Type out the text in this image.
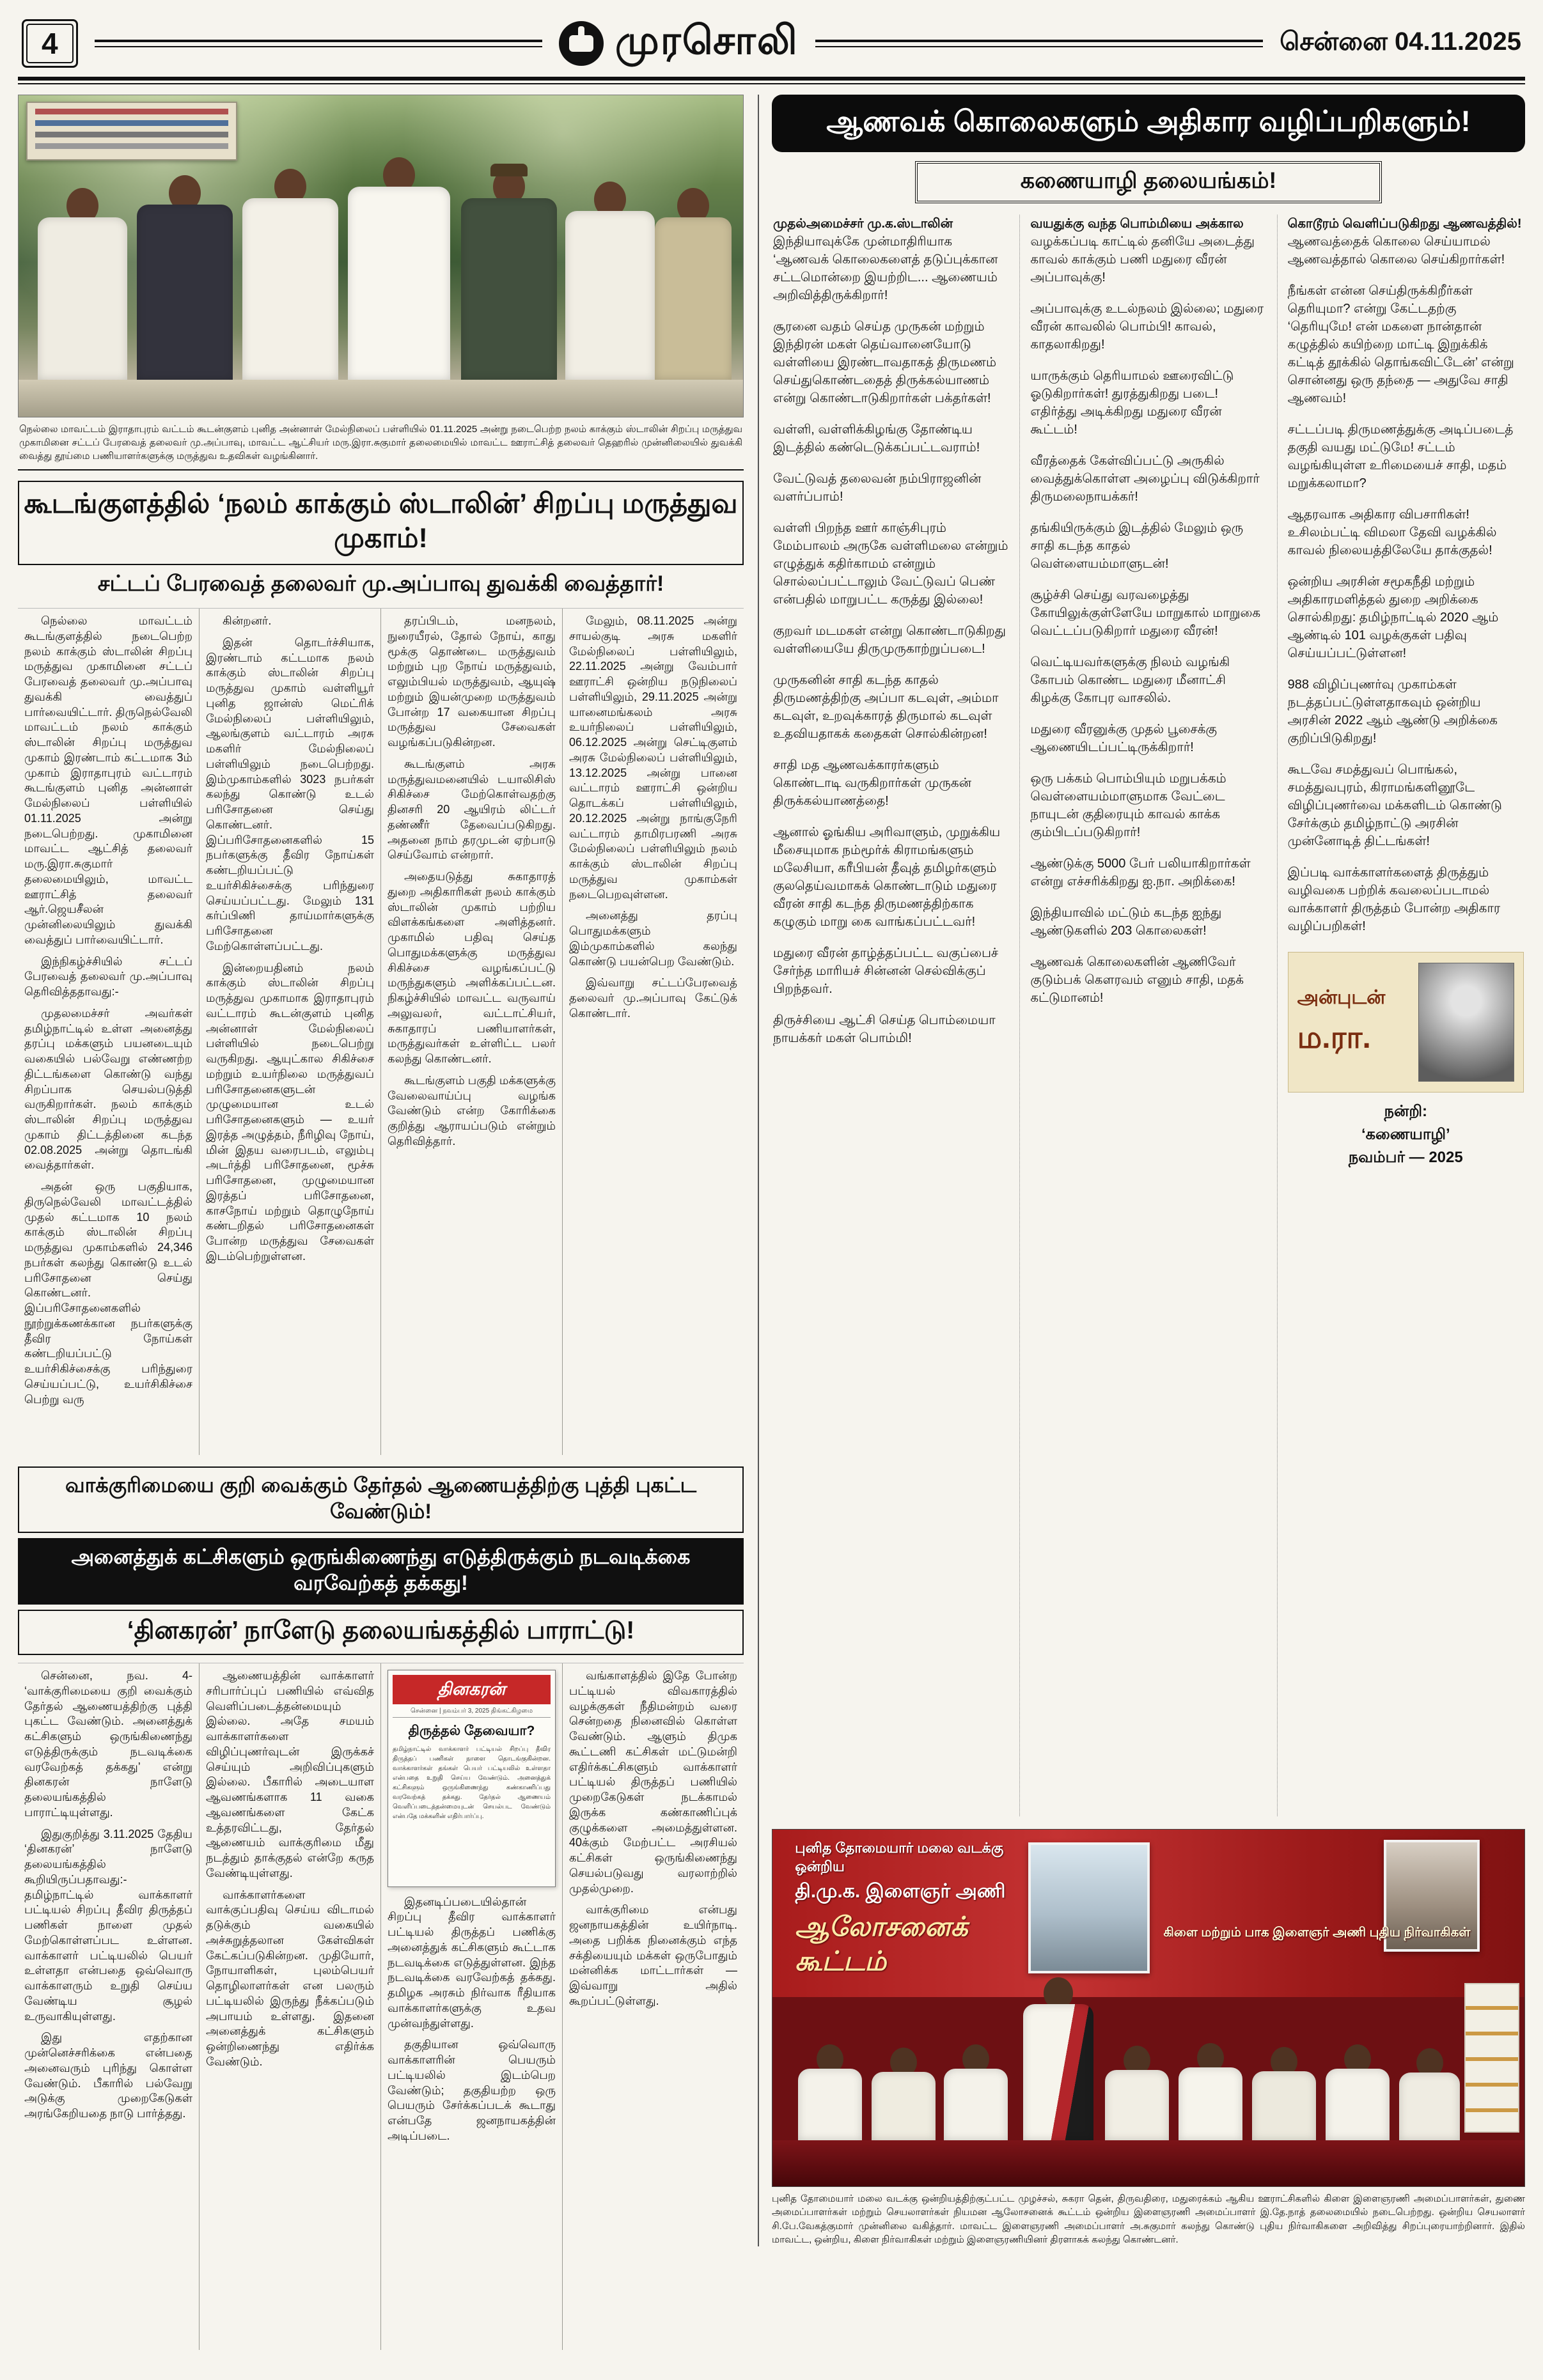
4	முரசொலி	சென்னை 04.11.2025
நெல்லை மாவட்டம் இராதாபுரம் வட்டம் கூடன்குளம் புனித அன்னாள் மேல்நிலைப் பள்ளியில் 01.11.2025 அன்று நடைபெற்ற நலம் காக்கும் ஸ்டாலின் சிறப்பு மருத்துவ முகாமினை சட்டப் பேரவைத் தலைவர் மு.அப்பாவு, மாவட்ட ஆட்சியர் மரு.இரா.சுகுமார் தலைமையில் மாவட்ட ஊராட்சித் தலைவர் தெஹரில் முன்னிலையில் துவக்கி வைத்து தூய்மை பணியாளர்களுக்கு மருத்துவ உதவிகள் வழங்கினார்.
கூடங்குளத்தில் ‘நலம் காக்கும் ஸ்டாலின்’ சிறப்பு மருத்துவ முகாம்!
சட்டப் பேரவைத் தலைவர் மு.அப்பாவு துவக்கி வைத்தார்!

நெல்லை மாவட்டம் கூடங்குளத்தில் நடைபெற்ற நலம் காக்கும் ஸ்டாலின் சிறப்பு மருத்துவ முகாமினை சட்டப் பேரவைத் தலைவர் மு.அப்பாவு துவக்கி வைத்துப் பார்வையிட்டார். திருநெல்வேலி மாவட்டம் நலம் காக்கும் ஸ்டாலின் சிறப்பு மருத்துவ முகாம் இரண்டாம் கட்டமாக 3ம் முகாம் இராதாபுரம் வட்டாரம் கூடங்குளம் புனித அன்னாள் மேல்நிலைப் பள்ளியில் 01.11.2025 அன்று நடைபெற்றது. முகாமினை மாவட்ட ஆட்சித் தலைவர் மரு.இரா.சுகுமார் தலைமையிலும், மாவட்ட ஊராட்சித் தலைவர் ஆர்.ஜெயசீலன் முன்னிலையிலும் துவக்கி வைத்துப் பார்வையிட்டார்.

இந்நிகழ்ச்சியில் சட்டப் பேரவைத் தலைவர் மு.அப்பாவு தெரிவித்ததாவது:-

முதலமைச்சர் அவர்கள் தமிழ்நாட்டில் உள்ள அனைத்து தரப்பு மக்களும் பயனடையும் வகையில் பல்வேறு எண்ணற்ற திட்டங்களை கொண்டு வந்து சிறப்பாக செயல்படுத்தி வருகிறார்கள். நலம் காக்கும் ஸ்டாலின் சிறப்பு மருத்துவ முகாம் திட்டத்தினை கடந்த 02.08.2025 அன்று தொடங்கி வைத்தார்கள்.

அதன் ஒரு பகுதியாக, திருநெல்வேலி மாவட்டத்தில் முதல் கட்டமாக 10 நலம் காக்கும் ஸ்டாலின் சிறப்பு மருத்துவ முகாம்களில் 24,346 நபர்கள் கலந்து கொண்டு உடல் பரிசோதனை செய்து கொண்டனர். இப்பரிசோதனைகளில் நூற்றுக்கணக்கான நபர்களுக்கு தீவிர நோய்கள் கண்டறியப்பட்டு உயர்சிகிச்சைக்கு பரிந்துரை செய்யப்பட்டு, உயர்சிகிச்சை பெற்று வரு

கின்றனர்.

இதன் தொடர்ச்சியாக, இரண்டாம் கட்டமாக நலம் காக்கும் ஸ்டாலின் சிறப்பு மருத்துவ முகாம் வள்ளியூர் புனித ஜான்ஸ் மெட்ரிக் மேல்நிலைப் பள்ளியிலும், ஆலங்குளம் வட்டாரம் அரசு மகளிர் மேல்நிலைப் பள்ளியிலும் நடைபெற்றது. இம்முகாம்களில் 3023 நபர்கள் கலந்து கொண்டு உடல் பரிசோதனை செய்து கொண்டனர். இப்பரிசோதனைகளில் 15 நபர்களுக்கு தீவிர நோய்கள் கண்டறியப்பட்டு உயர்சிகிச்சைக்கு பரிந்துரை செய்யப்பட்டது. மேலும் 131 கர்ப்பிணி தாய்மார்களுக்கு பரிசோதனை மேற்கொள்ளப்பட்டது.

இன்றையதினம் நலம் காக்கும் ஸ்டாலின் சிறப்பு மருத்துவ முகாமாக இராதாபுரம் வட்டாரம் கூடன்குளம் புனித அன்னாள் மேல்நிலைப் பள்ளியில் நடைபெற்று வருகிறது. ஆயுட்கால சிகிச்சை மற்றும் உயர்நிலை மருத்துவப் பரிசோதனைகளுடன் முழுமையான உடல் பரிசோதனைகளும் — உயர் இரத்த அழுத்தம், நீரிழிவு நோய், மின் இதய வரைபடம், எலும்பு அடர்த்தி பரிசோதனை, மூச்சு பரிசோதனை, முழுமையான இரத்தப் பரிசோதனை, காசநோய் மற்றும் தொழுநோய் கண்டறிதல் பரிசோதனைகள் போன்ற மருத்துவ சேவைகள் இடம்பெற்றுள்ளன.

தரப்பிடம், மனநலம், நுரையீரல், தோல் நோய், காது மூக்கு தொண்டை மருத்துவம் மற்றும் புற நோய் மருத்துவம், எலும்பியல் மருத்துவம், ஆயுஷ் மற்றும் இயன்முறை மருத்துவம் போன்ற 17 வகையான சிறப்பு மருத்துவ சேவைகள் வழங்கப்படுகின்றன.

கூடங்குளம் அரசு மருத்துவமனையில் டயாலிசிஸ் சிகிச்சை மேற்கொள்வதற்கு தினசரி 20 ஆயிரம் லிட்டர் தண்ணீர் தேவைப்படுகிறது. அதனை நாம் தரமுடன் ஏற்பாடு செய்வோம் என்றார்.

அதையடுத்து சுகாதாரத் துறை அதிகாரிகள் நலம் காக்கும் ஸ்டாலின் முகாம் பற்றிய விளக்கங்களை அளித்தனர். முகாமில் பதிவு செய்த பொதுமக்களுக்கு மருத்துவ சிகிச்சை வழங்கப்பட்டு மருந்துகளும் அளிக்கப்பட்டன. நிகழ்ச்சியில் மாவட்ட வருவாய் அலுவலர், வட்டாட்சியர், சுகாதாரப் பணியாளர்கள், மருத்துவர்கள் உள்ளிட்ட பலர் கலந்து கொண்டனர்.

கூடங்குளம் பகுதி மக்களுக்கு வேலைவாய்ப்பு வழங்க வேண்டும் என்ற கோரிக்கை குறித்து ஆராயப்படும் என்றும் தெரிவித்தார்.

மேலும், 08.11.2025 அன்று சாயல்குடி அரசு மகளிர் மேல்நிலைப் பள்ளியிலும், 22.11.2025 அன்று வேம்பார் ஊராட்சி ஒன்றிய நடுநிலைப் பள்ளியிலும், 29.11.2025 அன்று யானைமங்கலம் அரசு உயர்நிலைப் பள்ளியிலும், 06.12.2025 அன்று செட்டிகுளம் அரசு மேல்நிலைப் பள்ளியிலும், 13.12.2025 அன்று பானை வட்டாரம் ஊராட்சி ஒன்றிய தொடக்கப் பள்ளியிலும், 20.12.2025 அன்று நாங்குநேரி வட்டாரம் தாமிரபரணி அரசு மேல்நிலைப் பள்ளியிலும் நலம் காக்கும் ஸ்டாலின் சிறப்பு மருத்துவ முகாம்கள் நடைபெறவுள்ளன.

அனைத்து தரப்பு பொதுமக்களும் இம்முகாம்களில் கலந்து கொண்டு பயன்பெற வேண்டும்.

இவ்வாறு சட்டப்பேரவைத் தலைவர் மு.அப்பாவு கேட்டுக் கொண்டார்.

வாக்குரிமையை குறி வைக்கும் தேர்தல் ஆணையத்திற்கு புத்தி புகட்ட வேண்டும்!
அனைத்துக் கட்சிகளும் ஒருங்கிணைந்து எடுத்திருக்கும் நடவடிக்கை வரவேற்கத் தக்கது!
‘தினகரன்’ நாளேடு தலையங்கத்தில் பாராட்டு!

சென்னை, நவ. 4- ‘வாக்குரிமையை குறி வைக்கும் தேர்தல் ஆணையத்திற்கு புத்தி புகட்ட வேண்டும். அனைத்துக் கட்சிகளும் ஒருங்கிணைந்து எடுத்திருக்கும் நடவடிக்கை வரவேற்கத் தக்கது’ என்று தினகரன் நாளேடு தலையங்கத்தில் பாராட்டியுள்ளது.

இதுகுறித்து 3.11.2025 தேதிய ‘தினகரன்’ நாளேடு தலையங்கத்தில் கூறியிருப்பதாவது:- தமிழ்நாட்டில் வாக்காளர் பட்டியல் சிறப்பு தீவிர திருத்தப் பணிகள் நாளை முதல் மேற்கொள்ளப்பட உள்ளன. வாக்காளர் பட்டியலில் பெயர் உள்ளதா என்பதை ஒவ்வொரு வாக்காளரும் உறுதி செய்ய வேண்டிய சூழல் உருவாகியுள்ளது.

இது எதற்கான முன்னெச்சரிக்கை என்பதை அனைவரும் புரிந்து கொள்ள வேண்டும். பீகாரில் பல்வேறு அடுக்கு முறைகேடுகள் அரங்கேறியதை நாடு பார்த்தது.

ஆணையத்தின் வாக்காளர் சரிபார்ப்புப் பணியில் எவ்வித வெளிப்படைத்தன்மையும் இல்லை. அதே சமயம் வாக்காளர்களை விழிப்புணர்வுடன் இருக்கச் செய்யும் அறிவிப்புகளும் இல்லை. பீகாரில் அடையாள ஆவணங்களாக 11 வகை ஆவணங்களை கேட்க உத்தரவிட்டது, தேர்தல் ஆணையம் வாக்குரிமை மீது நடத்தும் தாக்குதல் என்றே கருத வேண்டியுள்ளது.

வாக்காளர்களை வாக்குப்பதிவு செய்ய விடாமல் தடுக்கும் வகையில் அச்சுறுத்தலான கேள்விகள் கேட்கப்படுகின்றன. முதியோர், நோயாளிகள், புலம்பெயர் தொழிலாளர்கள் என பலரும் பட்டியலில் இருந்து நீக்கப்படும் அபாயம் உள்ளது. இதனை அனைத்துக் கட்சிகளும் ஒன்றிணைந்து எதிர்க்க வேண்டும்.

தினகரன்
சென்னை | நவம்பர் 3, 2025 திங்கட்கிழமை
திருத்தல் தேவையா?
தமிழ்நாட்டில் வாக்காளர் பட்டியல் சிறப்பு தீவிர திருத்தப் பணிகள் நாளை தொடங்குகின்றன. வாக்காளர்கள் தங்கள் பெயர் பட்டியலில் உள்ளதா என்பதை உறுதி செய்ய வேண்டும். அனைத்துக் கட்சிகளும் ஒருங்கிணைந்து கண்காணிப்பது வரவேற்கத் தக்கது. தேர்தல் ஆணையம் வெளிப்படைத்தன்மையுடன் செயல்பட வேண்டும் என்பதே மக்களின் எதிர்பார்ப்பு.

இதனடிப்படையில்தான் சிறப்பு தீவிர வாக்காளர் பட்டியல் திருத்தப் பணிக்கு அனைத்துக் கட்சிகளும் கூட்டாக நடவடிக்கை எடுத்துள்ளன. இந்த நடவடிக்கை வரவேற்கத் தக்கது. தமிழக அரசும் நிர்வாக ரீதியாக வாக்காளர்களுக்கு உதவ முன்வந்துள்ளது.

தகுதியான ஒவ்வொரு வாக்காளரின் பெயரும் பட்டியலில் இடம்பெற வேண்டும்; தகுதியற்ற ஒரு பெயரும் சேர்க்கப்படக் கூடாது என்பதே ஜனநாயகத்தின் அடிப்படை.

வங்காளத்தில் இதே போன்ற பட்டியல் விவகாரத்தில் வழக்குகள் நீதிமன்றம் வரை சென்றதை நினைவில் கொள்ள வேண்டும். ஆளும் திமுக கூட்டணி கட்சிகள் மட்டுமன்றி எதிர்க்கட்சிகளும் வாக்காளர் பட்டியல் திருத்தப் பணியில் முறைகேடுகள் நடக்காமல் இருக்க கண்காணிப்புக் குழுக்களை அமைத்துள்ளன. 40க்கும் மேற்பட்ட அரசியல் கட்சிகள் ஒருங்கிணைந்து செயல்படுவது வரலாற்றில் முதல்முறை.

வாக்குரிமை என்பது ஜனநாயகத்தின் உயிர்நாடி. அதை பறிக்க நினைக்கும் எந்த சக்தியையும் மக்கள் ஒருபோதும் மன்னிக்க மாட்டார்கள் — இவ்வாறு அதில் கூறப்பட்டுள்ளது.

ஆணவக் கொலைகளும் அதிகார வழிப்பறிகளும்!
கணையாழி தலையங்கம்!

முதல்அமைச்சர் மு.க.ஸ்டாலின் இந்தியாவுக்கே முன்மாதிரியாக ‘ஆணவக் கொலைகளைத் தடுப்புக்கான சட்டமொன்றை இயற்றிட... ஆணையம் அறிவித்திருக்கிறார்!

சூரனை வதம் செய்த முருகன் மற்றும் இந்திரன் மகள் தெய்வானையோடு வள்ளியை இரண்டாவதாகத் திருமணம் செய்துகொண்டதைத் திருக்கல்யாணம் என்று கொண்டாடுகிறார்கள் பக்தர்கள்!

வள்ளி, வள்ளிக்கிழங்கு தோண்டிய இடத்தில் கண்டெடுக்கப்பட்டவராம்!

வேட்டுவத் தலைவன் நம்பிராஜனின் வளர்ப்பாம்!

வள்ளி பிறந்த ஊர் காஞ்சிபுரம் மேம்பாலம் அருகே வள்ளிமலை என்றும் எழுத்துக் கதிர்காமம் என்றும் சொல்லப்பட்டாலும் வேட்டுவப் பெண் என்பதில் மாறுபட்ட கருத்து இல்லை!

குறவர் மடமகள் என்று கொண்டாடுகிறது வள்ளியையே திருமுருகாற்றுப்படை!

முருகனின் சாதி கடந்த காதல் திருமணத்திற்கு அப்பா கடவுள், அம்மா கடவுள், உறவுக்காரத் திருமால் கடவுள் உதவியதாகக் கதைகள் சொல்கின்றன!

சாதி மத ஆணவக்காரர்களும் கொண்டாடி வருகிறார்கள் முருகன் திருக்கல்யாணத்தை!

ஆனால் ஓங்கிய அரிவாளும், முறுக்கிய மீசையுமாக நம்மூர்க் கிராமங்களும் மலேசியா, கரீபியன் தீவுத் தமிழர்களும் குலதெய்வமாகக் கொண்டாடும் மதுரை வீரன் சாதி கடந்த திருமணத்திற்காக கழுகும் மாறு கை வாங்கப்பட்டவர்!

மதுரை வீரன் தாழ்த்தப்பட்ட வகுப்பைச் சேர்ந்த மாரியச் சின்னன் செல்விக்குப் பிறந்தவர்.

திருச்சியை ஆட்சி செய்த பொம்மையா நாயக்கர் மகள் பொம்மி!

வயதுக்கு வந்த பொம்மியை அக்கால வழக்கப்படி காட்டில் தனியே அடைத்து காவல் காக்கும் பணி மதுரை வீரன் அப்பாவுக்கு!

அப்பாவுக்கு உடல்நலம் இல்லை; மதுரை வீரன் காவலில் பொம்பி! காவல், காதலாகிறது!

யாருக்கும் தெரியாமல் ஊரைவிட்டு ஓடுகிறார்கள்! துரத்துகிறது படை! எதிர்த்து அடிக்கிறது மதுரை வீரன் கூட்டம்!

வீரத்தைக் கேள்விப்பட்டு அருகில் வைத்துக்கொள்ள அழைப்பு விடுக்கிறார் திருமலைநாயக்கர்!

தங்கியிருக்கும் இடத்தில் மேலும் ஒரு சாதி கடந்த காதல் வெள்ளையம்மாளுடன்!

சூழ்ச்சி செய்து வரவழைத்து கோயிலுக்குள்ளேயே மாறுகால் மாறுகை வெட்டப்படுகிறார் மதுரை வீரன்!

வெட்டியவர்களுக்கு நிலம் வழங்கி கோபம் கொண்ட மதுரை மீனாட்சி கிழக்கு கோபுர வாசலில்.

மதுரை வீரனுக்கு முதல் பூசைக்கு ஆணையிடப்பட்டிருக்கிறார்!

ஒரு பக்கம் பொம்பியும் மறுபக்கம் வெள்ளையம்மாளுமாக வேட்டை நாயுடன் குதிரையும் காவல் காக்க கும்பிடப்படுகிறார்!

ஆண்டுக்கு 5000 பேர் பலியாகிறார்கள் என்று எச்சரிக்கிறது ஐ.நா. அறிக்கை!

இந்தியாவில் மட்டும் கடந்த ஐந்து ஆண்டுகளில் 203 கொலைகள்!

ஆணவக் கொலைகளின் ஆணிவேர் குடும்பக் கௌரவம் எனும் சாதி, மதக் கட்டுமானம்!

கொடூரம் வெளிப்படுகிறது ஆணவத்தில்! ஆணவத்தைக் கொலை செய்யாமல் ஆணவத்தால் கொலை செய்கிறார்கள்!

நீங்கள் என்ன செய்திருக்கிறீர்கள் தெரியுமா? என்று கேட்டதற்கு ‘தெரியுமே! என் மகளை நான்தான் கழுத்தில் கயிற்றை மாட்டி இறுக்கிக் கட்டித் தூக்கில் தொங்கவிட்டேன்’ என்று சொன்னது ஒரு தந்தை — அதுவே சாதி ஆணவம்!

சட்டப்படி திருமணத்துக்கு அடிப்படைத் தகுதி வயது மட்டுமே! சட்டம் வழங்கியுள்ள உரிமையைச் சாதி, மதம் மறுக்கலாமா?

ஆதரவாக அதிகார விபசாரிகள்! உசிலம்பட்டி விமலா தேவி வழக்கில் காவல் நிலையத்திலேயே தாக்குதல்!

ஒன்றிய அரசின் சமூகநீதி மற்றும் அதிகாரமளித்தல் துறை அறிக்கை சொல்கிறது: தமிழ்நாட்டில் 2020 ஆம் ஆண்டில் 101 வழக்குகள் பதிவு செய்யப்பட்டுள்ளன!

988 விழிப்புணர்வு முகாம்கள் நடத்தப்பட்டுள்ளதாகவும் ஒன்றிய அரசின் 2022 ஆம் ஆண்டு அறிக்கை குறிப்பிடுகிறது!

கூடவே சமத்துவப் பொங்கல், சமத்துவபுரம், கிராமங்களினூடே விழிப்புணர்வை மக்களிடம் கொண்டு சேர்க்கும் தமிழ்நாட்டு அரசின் முன்னோடித் திட்டங்கள்!

இப்படி வாக்காளர்களைத் திருத்தும் வழிவகை பற்றிக் கவலைப்படாமல் வாக்காளர் திருத்தம் போன்ற அதிகார வழிப்பறிகள்!

அன்புடன்
ம.ரா.
நன்றி:
‘கணையாழி’
நவம்பர் — 2025
புனித தோமையார் மலை வடக்கு ஒன்றிய
தி.மு.க. இளைஞர் அணி
ஆலோசனைக் கூட்டம்
கிளை மற்றும் பாக இளைஞர் அணி புதிய நிர்வாகிகள்
புனித தோமையார் மலை வடக்கு ஒன்றியத்திற்குட்பட்ட முழச்சல், சுகரா தென், திருவதிரை, மதுரைக்கம் ஆகிய ஊராட்சிகளில் கிளை இளைஞரணி அமைப்பாளர்கள், துணை அமைப்பாளர்கள் மற்றும் செயலாளர்கள் நியமன ஆலோசனைக் கூட்டம் ஒன்றிய இளைஞரணி அமைப்பாளர் இ.தே.நாத் தலைமையில் நடைபெற்றது. ஒன்றிய செயலாளர் சி.பே.வேகத்குமார் முன்னிலை வகித்தார். மாவட்ட இளைஞரணி அமைப்பாளர் அ.சுகுமார் கலந்து கொண்டு புதிய நிர்வாகிகளை அறிவித்து சிறப்புரையாற்றினார். இதில் மாவட்ட, ஒன்றிய, கிளை நிர்வாகிகள் மற்றும் இளைஞரணியினர் திரளாகக் கலந்து கொண்டனர்.
